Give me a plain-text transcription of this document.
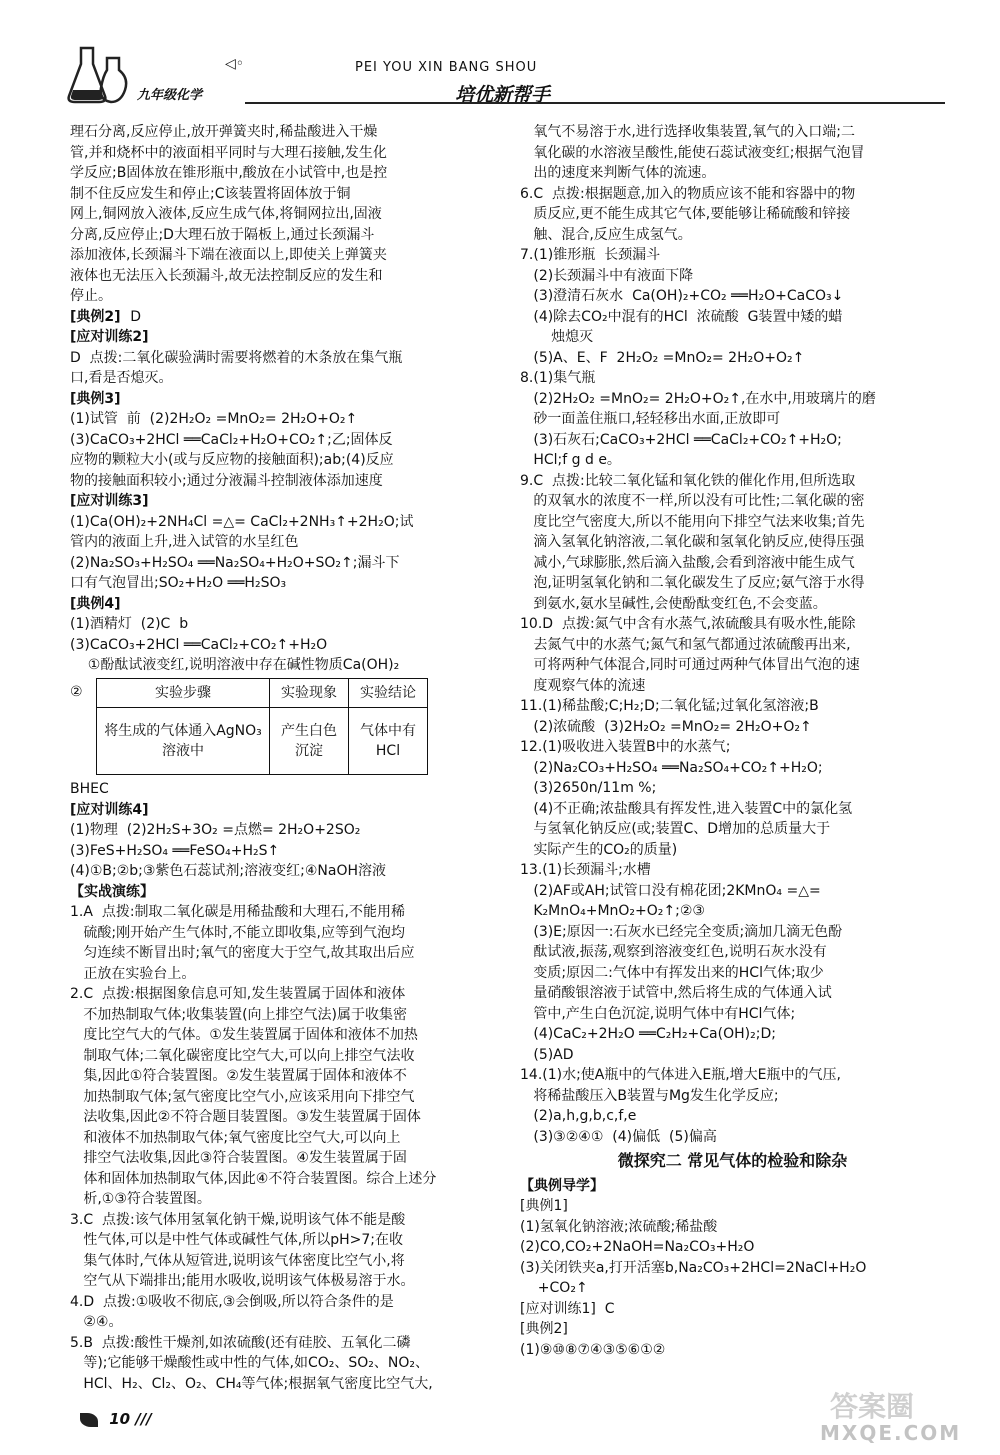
九年级化学
◁◦	PEI YOU XIN BANG SHOU
培优新帮手
理石分离,反应停止,放开弹簧夹时,稀盐酸进入干燥
管,并和烧杯中的液面相平同时与大理石接触,发生化
学反应;B固体放在锥形瓶中,酸放在小试管中,也是控
制不住反应发生和停止;C该装置将固体放于铜
网上,铜网放入液体,反应生成气体,将铜网拉出,固液
分离,反应停止;D大理石放于隔板上,通过长颈漏斗
添加液体,长颈漏斗下端在液面以上,即使关上弹簧夹
液体也无法压入长颈漏斗,故无法控制反应的发生和
停止。
[典例2] D
[应对训练2]
D  点拨:二氧化碳验满时需要将燃着的木条放在集气瓶
口,看是否熄灭。
[典例3]
(1)试管  前  (2)2H₂O₂ =MnO₂= 2H₂O+O₂↑
(3)CaCO₃+2HCl ══CaCl₂+H₂O+CO₂↑;乙;固体反
应物的颗粒大小(或与反应物的接触面积);ab;(4)反应
物的接触面积较小;通过分液漏斗控制液体添加速度
[应对训练3]
(1)Ca(OH)₂+2NH₄Cl =△= CaCl₂+2NH₃↑+2H₂O;试
管内的液面上升,进入试管的水呈红色
(2)Na₂SO₃+H₂SO₄ ══Na₂SO₄+H₂O+SO₂↑;漏斗下
口有气泡冒出;SO₂+H₂O ══H₂SO₃
[典例4]
(1)酒精灯  (2)C  b
(3)CaCO₃+2HCl ══CaCl₂+CO₂↑+H₂O
①酚酞试液变红,说明溶液中存在碱性物质Ca(OH)₂
②	实验步骤	实验现象	实验结论
将生成的气体通入AgNO₃溶液中	产生白色沉淀	气体中有HCl
BHEC
[应对训练4]
(1)物理  (2)2H₂S+3O₂ =点燃= 2H₂O+2SO₂
(3)FeS+H₂SO₄ ══FeSO₄+H₂S↑
(4)①B;②b;③紫色石蕊试剂;溶液变红;④NaOH溶液
【实战演练】
1.A  点拨:制取二氧化碳是用稀盐酸和大理石,不能用稀
硫酸;刚开始产生气体时,不能立即收集,应等到气泡均
匀连续不断冒出时;氧气的密度大于空气,故其取出后应
正放在实验台上。
2.C  点拨:根据图象信息可知,发生装置属于固体和液体
不加热制取气体;收集装置(向上排空气法)属于收集密
度比空气大的气体。①发生装置属于固体和液体不加热
制取气体;二氧化碳密度比空气大,可以向上排空气法收
集,因此①符合装置图。②发生装置属于固体和液体不
加热制取气体;氢气密度比空气小,应该采用向下排空气
法收集,因此②不符合题目装置图。③发生装置属于固体
和液体不加热制取气体;氧气密度比空气大,可以向上
排空气法收集,因此③符合装置图。④发生装置属于固
体和固体加热制取气体,因此④不符合装置图。综合上述分
析,①③符合装置图。
3.C  点拨:该气体用氢氧化钠干燥,说明该气体不能是酸
性气体,可以是中性气体或碱性气体,所以pH>7;在收
集气体时,气体从短管进,说明该气体密度比空气小,将
空气从下端排出;能用水吸收,说明该气体极易溶于水。
4.D  点拨:①吸收不彻底,③会倒吸,所以符合条件的是
②④。
5.B  点拨:酸性干燥剂,如浓硫酸(还有硅胶、五氧化二磷
等);它能够干燥酸性或中性的气体,如CO₂、SO₂、NO₂、
HCl、H₂、Cl₂、O₂、CH₄等气体;根据氧气密度比空气大,
氧气不易溶于水,进行选择收集装置,氧气的入口端;二
氧化碳的水溶液呈酸性,能使石蕊试液变红;根据气泡冒
出的速度来判断气体的流速。
6.C  点拨:根据题意,加入的物质应该不能和容器中的物
质反应,更不能生成其它气体,要能够让稀硫酸和锌接
触、混合,反应生成氢气。
7.(1)锥形瓶  长颈漏斗
(2)长颈漏斗中有液面下降
(3)澄清石灰水  Ca(OH)₂+CO₂ ══H₂O+CaCO₃↓
(4)除去CO₂中混有的HCl  浓硫酸  G装置中矮的蜡
烛熄灭
(5)A、E、F  2H₂O₂ =MnO₂= 2H₂O+O₂↑
8.(1)集气瓶
(2)2H₂O₂ =MnO₂= 2H₂O+O₂↑,在水中,用玻璃片的磨
砂一面盖住瓶口,轻轻移出水面,正放即可
(3)石灰石;CaCO₃+2HCl ══CaCl₂+CO₂↑+H₂O;
HCl;f g d e。
9.C  点拨:比较二氧化锰和氧化铁的催化作用,但所选取
的双氧水的浓度不一样,所以没有可比性;二氧化碳的密
度比空气密度大,所以不能用向下排空气法来收集;首先
滴入氢氧化钠溶液,二氧化碳和氢氧化钠反应,使得压强
减小,气球膨胀,然后滴入盐酸,会看到溶液中能生成气
泡,证明氢氧化钠和二氧化碳发生了反应;氨气溶于水得
到氨水,氨水呈碱性,会使酚酞变红色,不会变蓝。
10.D  点拨:氮气中含有水蒸气,浓硫酸具有吸水性,能除
去氮气中的水蒸气;氮气和氢气都通过浓硫酸再出来,
可将两种气体混合,同时可通过两种气体冒出气泡的速
度观察气体的流速
11.(1)稀盐酸;C;H₂;D;二氧化锰;过氧化氢溶液;B
(2)浓硫酸  (3)2H₂O₂ =MnO₂= 2H₂O+O₂↑
12.(1)吸收进入装置B中的水蒸气;
(2)Na₂CO₃+H₂SO₄ ══Na₂SO₄+CO₂↑+H₂O;
(3)2650n/11m %;
(4)不正确;浓盐酸具有挥发性,进入装置C中的氯化氢
与氢氧化钠反应(或;装置C、D增加的总质量大于
实际产生的CO₂的质量)
13.(1)长颈漏斗;水槽
(2)AF或AH;试管口没有棉花团;2KMnO₄ =△=
K₂MnO₄+MnO₂+O₂↑;②③
(3)E;原因一:石灰水已经完全变质;滴加几滴无色酚
酞试液,振荡,观察到溶液变红色,说明石灰水没有
变质;原因二:气体中有挥发出来的HCl气体;取少
量硝酸银溶液于试管中,然后将生成的气体通入试
管中,产生白色沉淀,说明气体中有HCl气体;
(4)CaC₂+2H₂O ══C₂H₂+Ca(OH)₂;D;
(5)AD
14.(1)水;使A瓶中的气体进入E瓶,增大E瓶中的气压,
将稀盐酸压入B装置与Mg发生化学反应;
(2)a,h,g,b,c,f,e
(3)③②④①  (4)偏低  (5)偏高
微探究二 常见气体的检验和除杂
【典例导学】
[典例1]
(1)氢氧化钠溶液;浓硫酸;稀盐酸
(2)CO,CO₂+2NaOH=Na₂CO₃+H₂O
(3)关闭铁夹a,打开活塞b,Na₂CO₃+2HCl=2NaCl+H₂O
+CO₂↑
[应对训练1]  C
[典例2]
(1)⑨⑩⑧⑦④③⑤⑥①②
10 ///	答案圈
MXQE.COM
